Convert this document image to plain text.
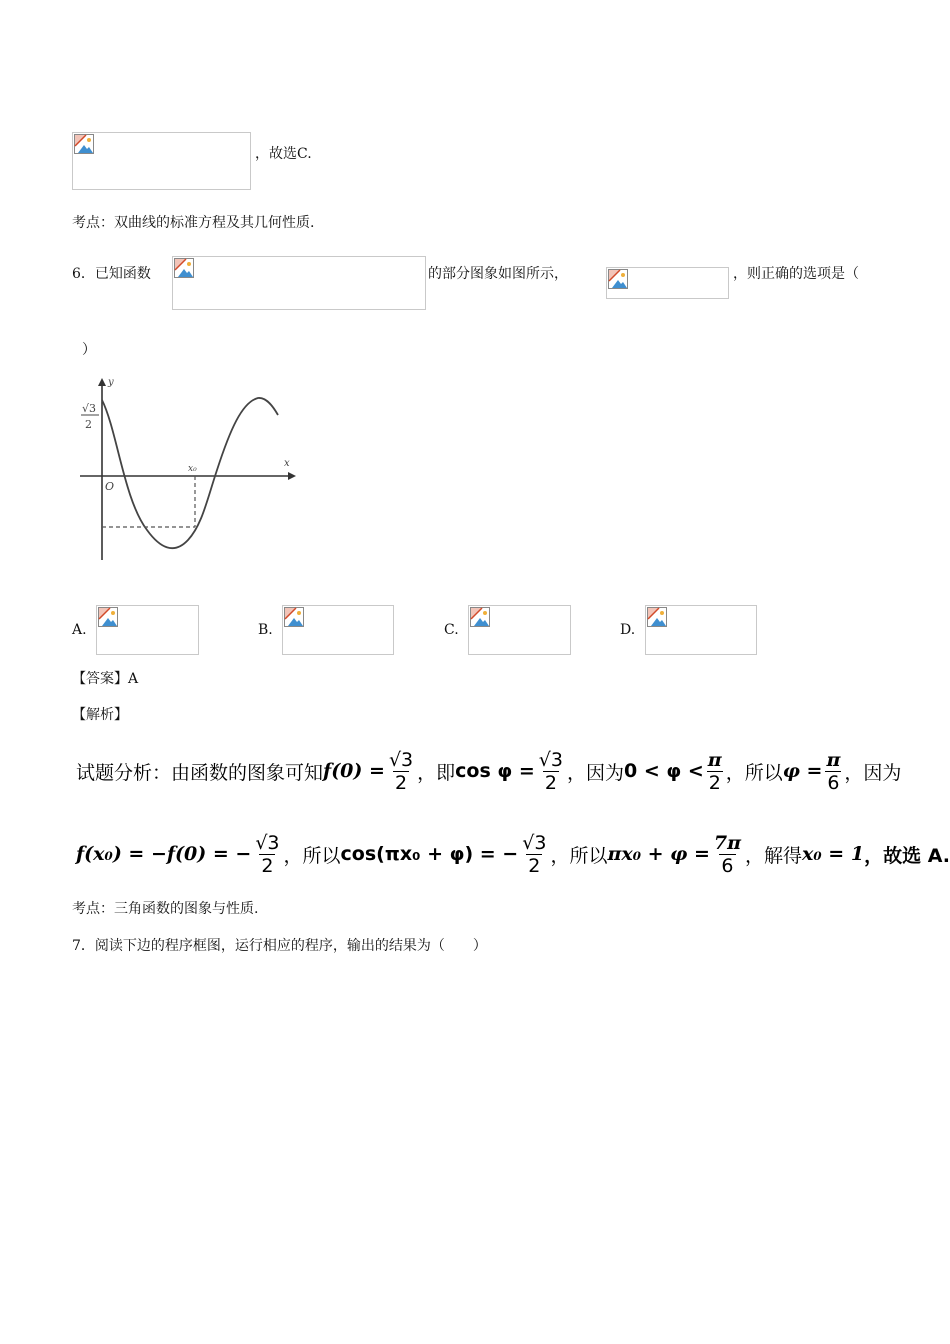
，故选C.
考点：双曲线的标准方程及其几何性质.
6．已知函数	的部分图象如图所示，	，则正确的选项是（
）
y
x
O
x₀
√3
2
A.	B.	C.	D.
【答案】A
【解析】
试题分析：由函数的图象可知 $f(0) = \frac{√3}{2}$ ，即 $\cos \varphi = \frac{√3}{2}$ ，因为 $0 < \varphi < \frac{\pi}{2}$ ，所以 $\varphi = \frac{\pi}{6}$ ，因为
f(x₀) = −f(0) = − $\frac{√3}{2}$ ，所以 cos(πx₀ + φ) = − $\frac{√3}{2}$ ，所以 $\pi x_0 + \varphi = \frac{7\pi}{6}$ ，解得 x₀ = 1 ，故选 A.
考点：三角函数的图象与性质.
7．阅读下边的程序框图，运行相应的程序，输出的结果为（　　）
